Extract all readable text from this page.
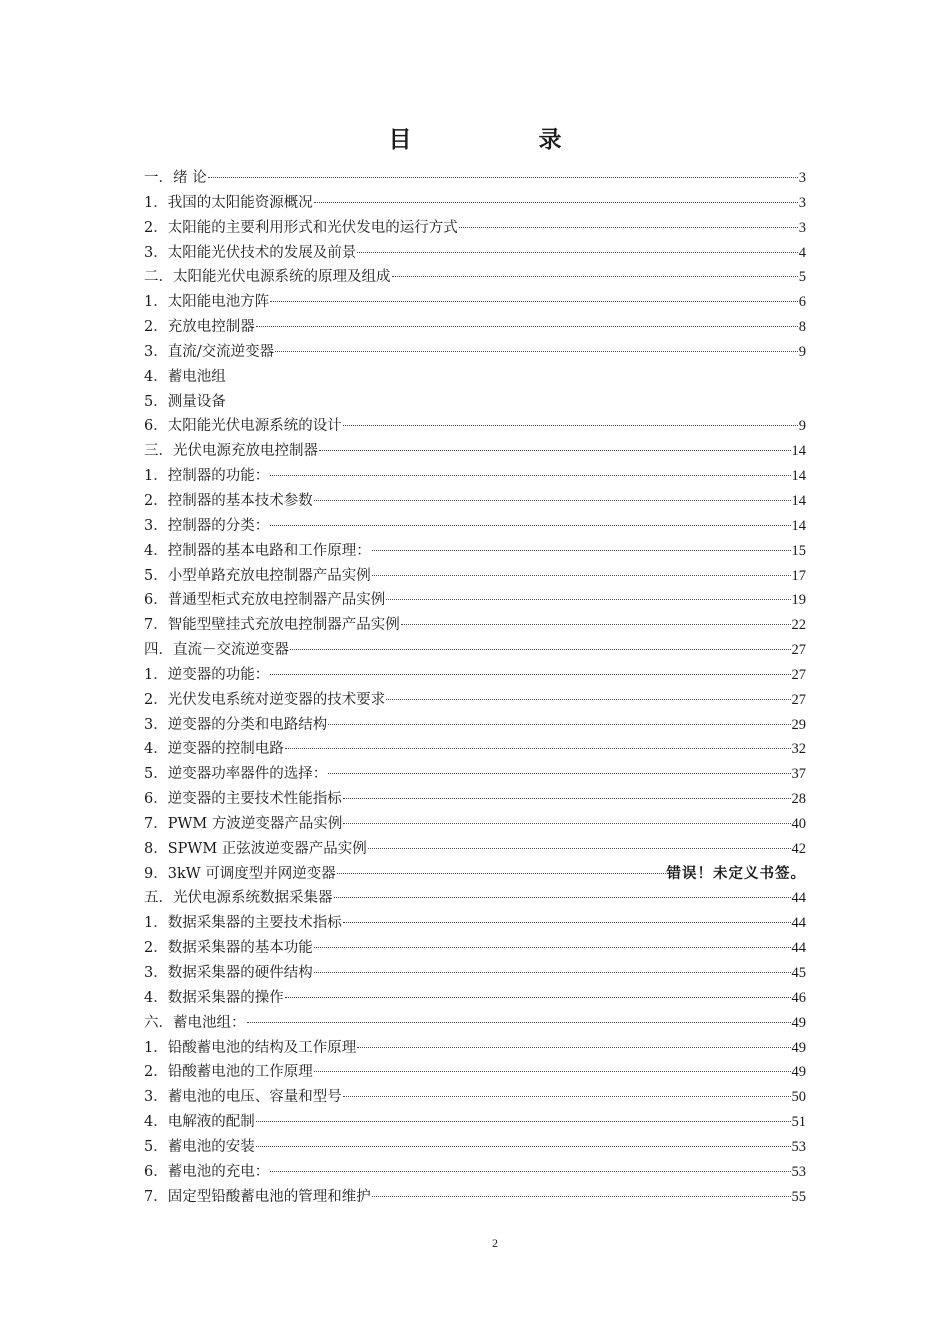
目　录
一．绪 论	3
1．我国的太阳能资源概况	3
2．太阳能的主要利用形式和光伏发电的运行方式	3
3．太阳能光伏技术的发展及前景	4
二．太阳能光伏电源系统的原理及组成	5
1．太阳能电池方阵	6
2．充放电控制器	8
3．直流/交流逆变器	9
4．蓄电池组
5．测量设备
6．太阳能光伏电源系统的设计	9
三．光伏电源充放电控制器	14
1．控制器的功能：	14
2．控制器的基本技术参数	14
3．控制器的分类：	14
4．控制器的基本电路和工作原理：	15
5．小型单路充放电控制器产品实例	17
6．普通型柜式充放电控制器产品实例	19
7．智能型壁挂式充放电控制器产品实例	22
四．直流－交流逆变器	27
1．逆变器的功能：	27
2．光伏发电系统对逆变器的技术要求	27
3．逆变器的分类和电路结构	29
4．逆变器的控制电路	32
5．逆变器功率器件的选择：	37
6．逆变器的主要技术性能指标	28
7．PWM 方波逆变器产品实例	40
8．SPWM 正弦波逆变器产品实例	42
9．3kW 可调度型并网逆变器	错误！未定义书签。
五．光伏电源系统数据采集器	44
1．数据采集器的主要技术指标	44
2．数据采集器的基本功能	44
3．数据采集器的硬件结构	45
4．数据采集器的操作	46
六．蓄电池组：	49
1．铅酸蓄电池的结构及工作原理	49
2．铅酸蓄电池的工作原理	49
3．蓄电池的电压、容量和型号	50
4．电解液的配制	51
5．蓄电池的安装	53
6．蓄电池的充电：	53
7．固定型铅酸蓄电池的管理和维护	55
2
